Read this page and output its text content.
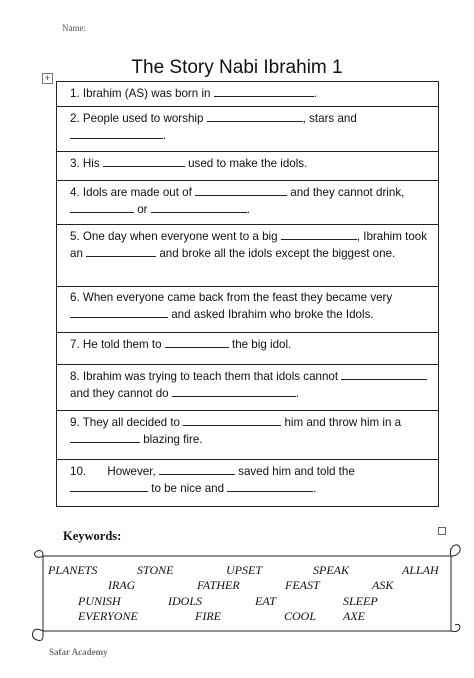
Name:
The Story Nabi Ibrahim 1
+
1. Ibrahim (AS) was born in	.
2. People used to worship	, stars and
.
3. His	used to make the idols.
4. Idols are made out of	and they cannot drink,
or	.
5. One day when everyone went to a big	, Ibrahim took an	and broke all the idols except the biggest one.
6. When everyone came back from the feast they became very  and asked Ibrahim who broke the Idols.
7. He told them to	the big idol.
8. Ibrahim was trying to teach them that idols cannot  and they cannot do	.
9. They all decided to	him and throw him in a  blazing fire.
10. However,	saved him and told the  to be nice and	.
Keywords:
PLANETS	STONE	UPSET	SPEAK	ALLAH
IRAG	FATHER	FEAST	ASK
PUNISH	IDOLS	EAT	SLEEP
EVERYONE	FIRE	COOL AXE
Safar Academy
